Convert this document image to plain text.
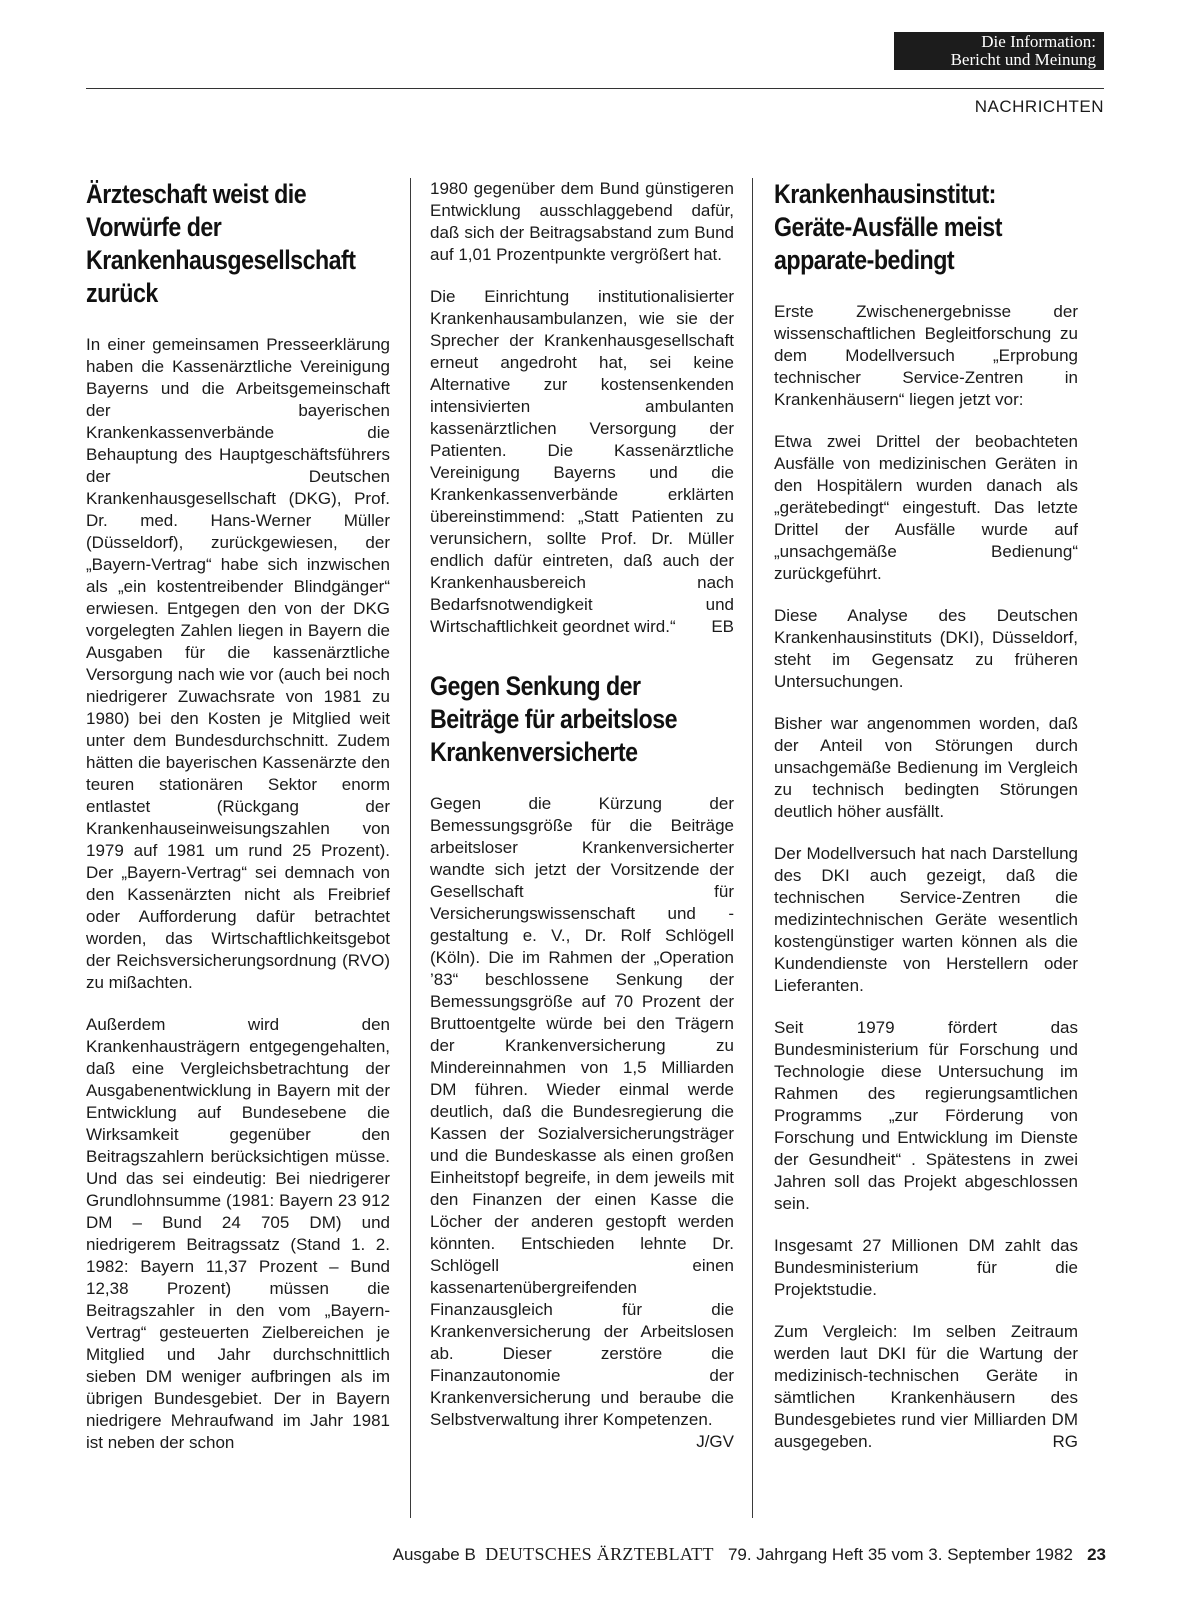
Die Information:
Bericht und Meinung
NACHRICHTEN
Ärzteschaft weist die Vorwürfe der Krankenhausgesellschaft zurück

In einer gemeinsamen Presseerklärung haben die Kassenärztliche Vereinigung Bayerns und die Arbeitsgemeinschaft der bayerischen Krankenkassenverbände die Behauptung des Hauptgeschäftsführers der Deutschen Krankenhausgesellschaft (DKG), Prof. Dr. med. Hans-Werner Müller (Düsseldorf), zurückgewiesen, der „Bayern-Vertrag“ habe sich inzwischen als „ein kostentreibender Blindgänger“ erwiesen. Entgegen den von der DKG vorgelegten Zahlen liegen in Bayern die Ausgaben für die kassenärztliche Versorgung nach wie vor (auch bei noch niedrigerer Zuwachsrate von 1981 zu 1980) bei den Kosten je Mitglied weit unter dem Bundesdurchschnitt. Zudem hätten die bayerischen Kassenärzte den teuren stationären Sektor enorm entlastet (Rückgang der Krankenhauseinweisungszahlen von 1979 auf 1981 um rund 25 Prozent). Der „Bayern-Vertrag“ sei demnach von den Kassenärzten nicht als Freibrief oder Aufforderung dafür betrachtet worden, das Wirtschaftlichkeitsgebot der Reichsversicherungsordnung (RVO) zu mißachten.

Außerdem wird den Krankenhausträgern entgegengehalten, daß eine Vergleichsbetrachtung der Ausgabenentwicklung in Bayern mit der Entwicklung auf Bundesebene die Wirksamkeit gegenüber den Beitragszahlern berücksichtigen müsse. Und das sei eindeutig: Bei niedrigerer Grundlohnsumme (1981: Bayern 23 912 DM – Bund 24 705 DM) und niedrigerem Beitragssatz (Stand 1. 2. 1982: Bayern 11,37 Prozent – Bund 12,38 Prozent) müssen die Beitragszahler in den vom „Bayern-Vertrag“ gesteuerten Zielbereichen je Mitglied und Jahr durchschnittlich sieben DM weniger aufbringen als im übrigen Bundesgebiet. Der in Bayern niedrigere Mehraufwand im Jahr 1981 ist neben der schon

1980 gegenüber dem Bund günstigeren Entwicklung ausschlaggebend dafür, daß sich der Beitragsabstand zum Bund auf 1,01 Prozentpunkte vergrößert hat.

Die Einrichtung institutionalisierter Krankenhausambulanzen, wie sie der Sprecher der Krankenhausgesellschaft erneut angedroht hat, sei keine Alternative zur kostensenkenden intensivierten ambulanten kassenärztlichen Versorgung der Patienten. Die Kassenärztliche Vereinigung Bayerns und die Krankenkassenverbände erklärten übereinstimmend: „Statt Patienten zu verunsichern, sollte Prof. Dr. Müller endlich dafür eintreten, daß auch der Krankenhausbereich nach Bedarfsnotwendigkeit und Wirtschaftlichkeit geordnet wird.“ EB

Gegen Senkung der Beiträge für arbeitslose Krankenversicherte

Gegen die Kürzung der Bemessungsgröße für die Beiträge arbeitsloser Krankenversicherter wandte sich jetzt der Vorsitzende der Gesellschaft für Versicherungswissenschaft und -gestaltung e. V., Dr. Rolf Schlögell (Köln). Die im Rahmen der „Operation ’83“ beschlossene Senkung der Bemessungsgröße auf 70 Prozent der Bruttoentgelte würde bei den Trägern der Krankenversicherung zu Mindereinnahmen von 1,5 Milliarden DM führen. Wieder einmal werde deutlich, daß die Bundesregierung die Kassen der Sozialversicherungsträger und die Bundeskasse als einen großen Einheitstopf begreife, in dem jeweils mit den Finanzen der einen Kasse die Löcher der anderen gestopft werden könnten. Entschieden lehnte Dr. Schlögell einen kassenartenübergreifenden Finanzausgleich für die Krankenversicherung der Arbeitslosen ab. Dieser zerstöre die Finanzautonomie der Krankenversicherung und beraube die Selbstverwaltung ihrer Kompetenzen.
J/GV

Krankenhausinstitut: Geräte-Ausfälle meist apparate-bedingt

Erste Zwischenergebnisse der wissenschaftlichen Begleitforschung zu dem Modellversuch „Erprobung technischer Service-Zentren in Krankenhäusern“ liegen jetzt vor:

Etwa zwei Drittel der beobachteten Ausfälle von medizinischen Geräten in den Hospitälern wurden danach als „gerätebedingt“ eingestuft. Das letzte Drittel der Ausfälle wurde auf „unsachgemäße Bedienung“ zurückgeführt.

Diese Analyse des Deutschen Krankenhausinstituts (DKI), Düsseldorf, steht im Gegensatz zu früheren Untersuchungen.

Bisher war angenommen worden, daß der Anteil von Störungen durch unsachgemäße Bedienung im Vergleich zu technisch bedingten Störungen deutlich höher ausfällt.

Der Modellversuch hat nach Darstellung des DKI auch gezeigt, daß die technischen Service-Zentren die medizintechnischen Geräte wesentlich kostengünstiger warten können als die Kundendienste von Herstellern oder Lieferanten.

Seit 1979 fördert das Bundesministerium für Forschung und Technologie diese Untersuchung im Rahmen des regierungsamtlichen Programms „zur Förderung von Forschung und Entwicklung im Dienste der Gesundheit“ . Spätestens in zwei Jahren soll das Projekt abgeschlossen sein.

Insgesamt 27 Millionen DM zahlt das Bundesministerium für die Projektstudie.

Zum Vergleich: Im selben Zeitraum werden laut DKI für die Wartung der medizinisch-technischen Geräte in sämtlichen Krankenhäusern des Bundesgebietes rund vier Milliarden DM ausgegeben.	RG

Ausgabe B DEUTSCHES ÄRZTEBLATT 79. Jahrgang Heft 35 vom 3. September 1982 23
